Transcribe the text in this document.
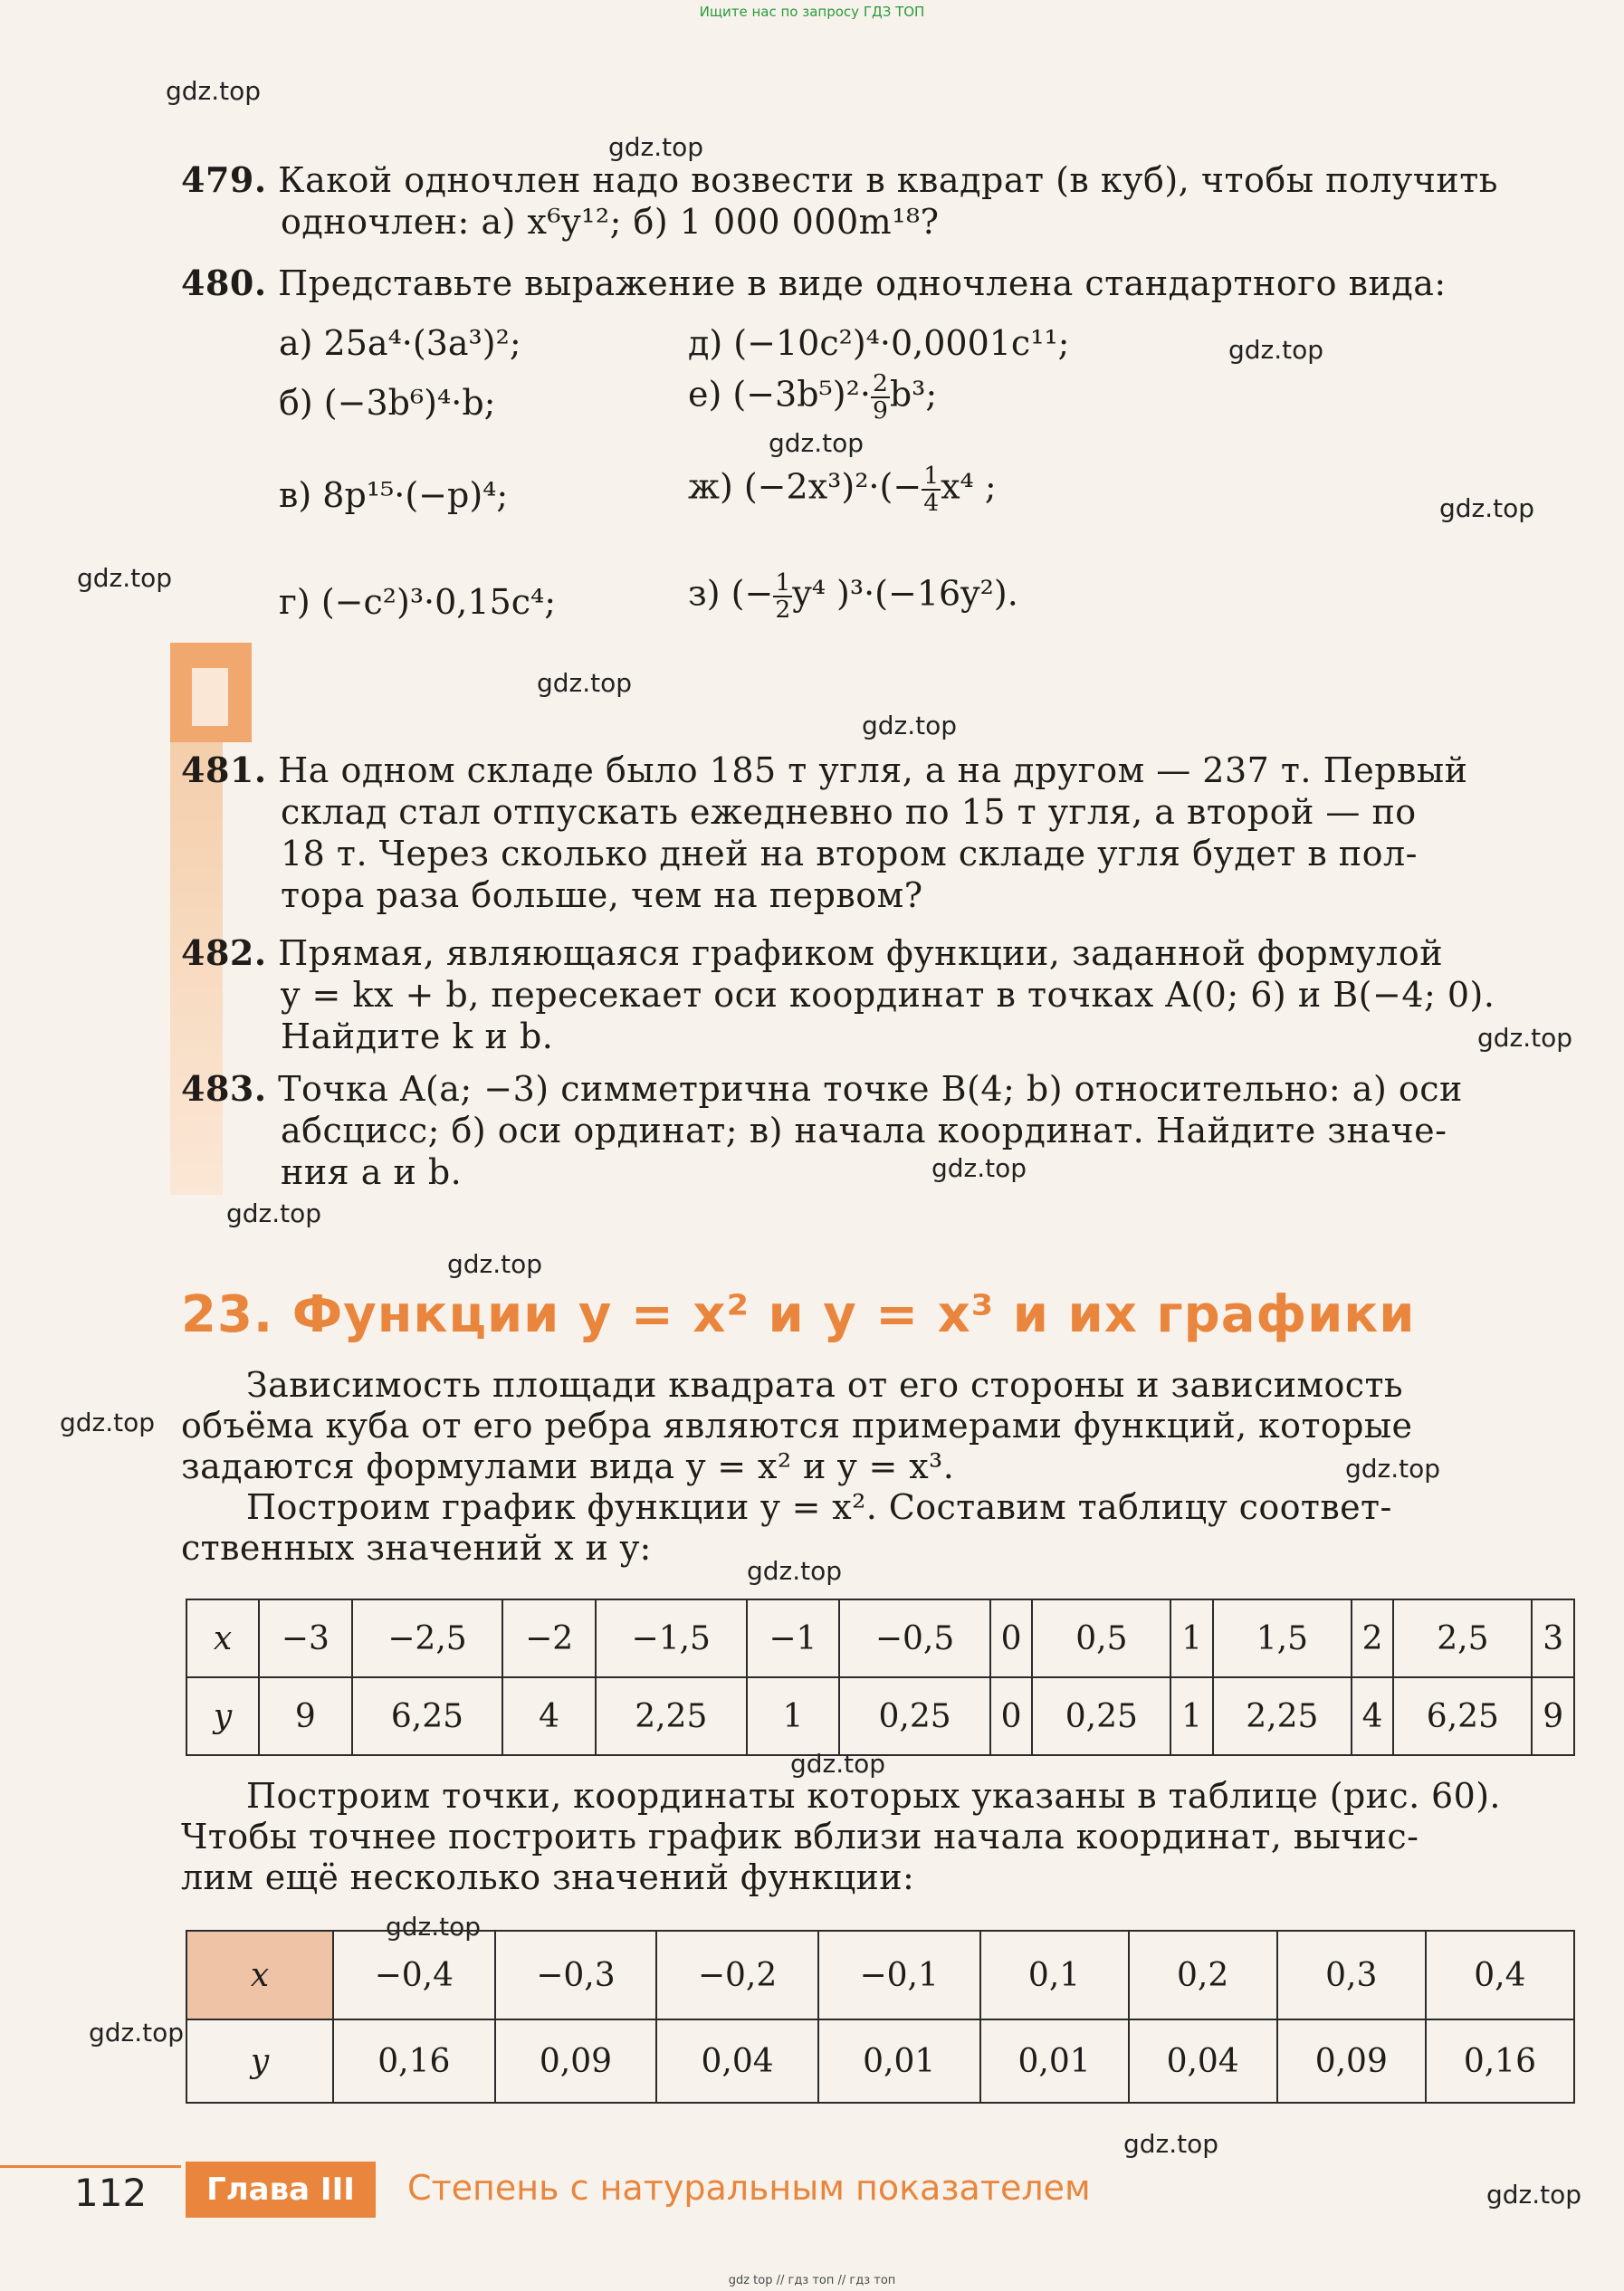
Ищите нас по запросу ГДЗ ТОП
gdz.top
gdz.top
gdz.top
gdz.top
gdz.top
gdz.top
gdz.top
gdz.top
gdz.top
gdz.top
gdz.top
gdz.top
gdz.top
gdz.top
gdz.top
gdz.top
gdz.top
gdz.top
gdz.top
gdz.top
479. Какой одночлен надо возвести в квадрат (в куб), чтобы получить
одночлен: а) x⁶y¹²; б) 1 000 000m¹⁸?
480. Представьте выражение в виде одночлена стандартного вида:
а) 25a⁴·(3a³)²;	д) (−10c²)⁴·0,0001c¹¹;
б) (−3b⁶)⁴·b;	е) $(-3b^5)^2\cdot \frac{2}{9} b^3$;
в) 8p¹⁵·(−p)⁴;	ж) $(-2x^3)^2\cdot(- \frac{1}{4} x^4$ ;
г) (−c²)³·0,15c⁴;	з) (− $\frac{1}{2} y^4$ )³·(−16y²).
481. На одном складе было 185 т угля, а на другом — 237 т. Первый
склад стал отпускать ежедневно по 15 т угля, а второй — по
18 т. Через сколько дней на втором складе угля будет в пол-
тора раза больше, чем на первом?
482. Прямая, являющаяся графиком функции, заданной формулой
y = kx + b, пересекает оси координат в точках A(0; 6) и B(−4; 0).
Найдите k и b.
483. Точка A(a; −3) симметрична точке B(4; b) относительно: а) оси
абсцисс; б) оси ординат; в) начала координат. Найдите значе-
ния a и b.
23. Функции y = x² и y = x³ и их графики
Зависимость площади квадрата от его стороны и зависимость
объёма куба от его ребра являются примерами функций, которые
задаются формулами вида y = x² и y = x³.
Построим график функции y = x². Составим таблицу соответ-
ственных значений x и y:
x	−3	−2,5	−2	−1,5	−1	−0,5	0	0,5	1	1,5	2	2,5	3
y	9	6,25	4	2,25	1	0,25	0	0,25	1	2,25	4	6,25	9
Построим точки, координаты которых указаны в таблице (рис. 60).
Чтобы точнее построить график вблизи начала координат, вычис-
лим ещё несколько значений функции:
x	−0,4	−0,3	−0,2	−0,1	0,1	0,2	0,3	0,4
y	0,16	0,09	0,04	0,01	0,01	0,04	0,09	0,16
112	Глава III	Степень с натуральным показателем
gdz top // гдз топ // гдз топ
